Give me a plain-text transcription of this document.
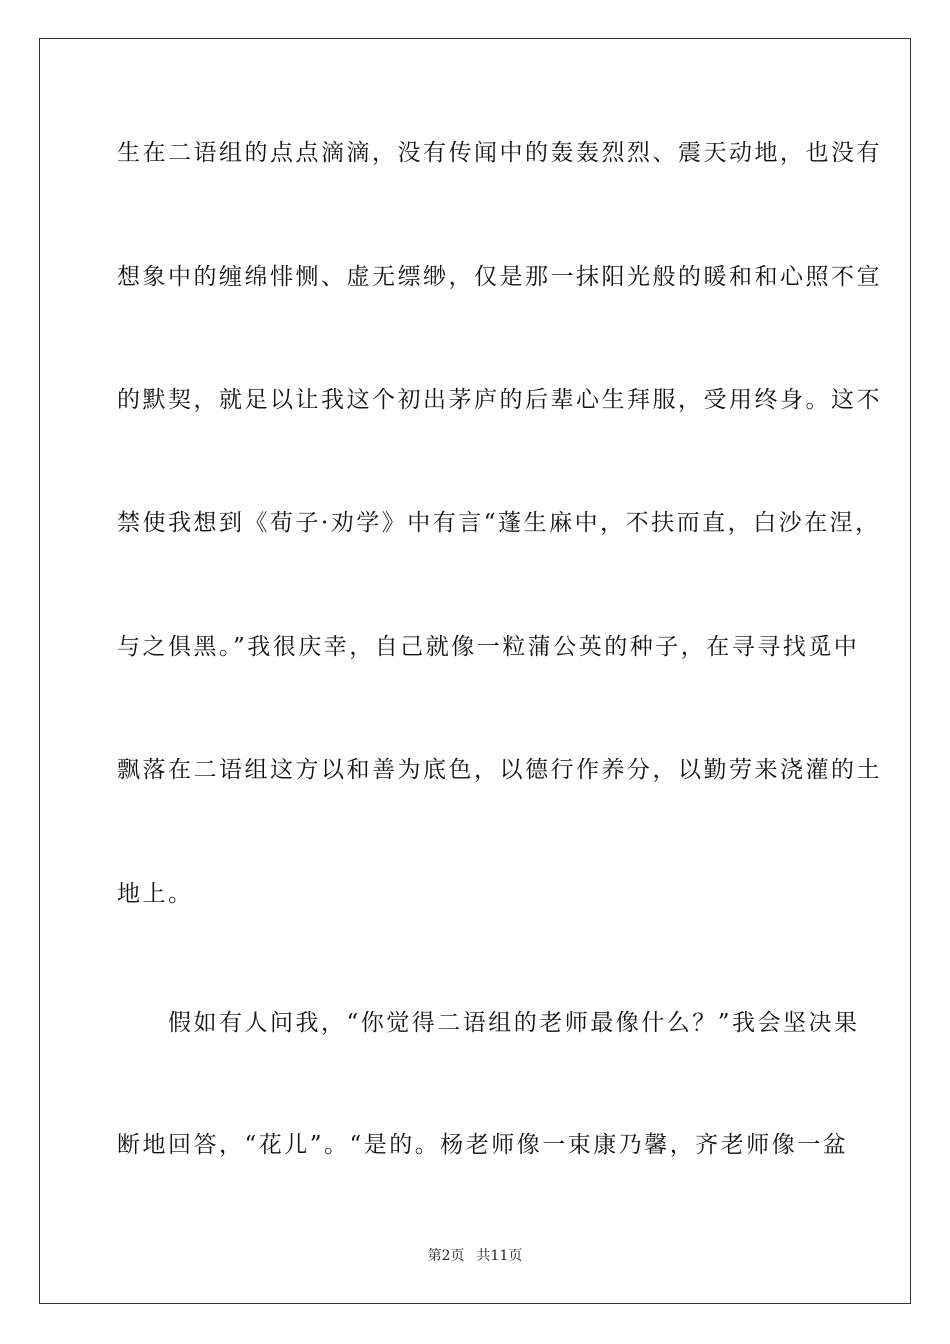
生在二语组的点点滴滴，没有传闻中的轰轰烈烈、震天动地，也没有
想象中的缠绵悱恻、虚无缥缈，仅是那一抹阳光般的暖和和心照不宣
的默契，就足以让我这个初出茅庐的后辈心生拜服，受用终身。这不
禁使我想到《荀子·劝学》中有言“蓬生麻中，不扶而直，白沙在涅，
与之俱黑。”我很庆幸，自己就像一粒蒲公英的种子，在寻寻找觅中
飘落在二语组这方以和善为底色，以德行作养分，以勤劳来浇灌的土
地上。
　　假如有人问我，“你觉得二语组的老师最像什么？”我会坚决果
断地回答，“花儿”。“是的。杨老师像一束康乃馨，齐老师像一盆
第2页 共11页
